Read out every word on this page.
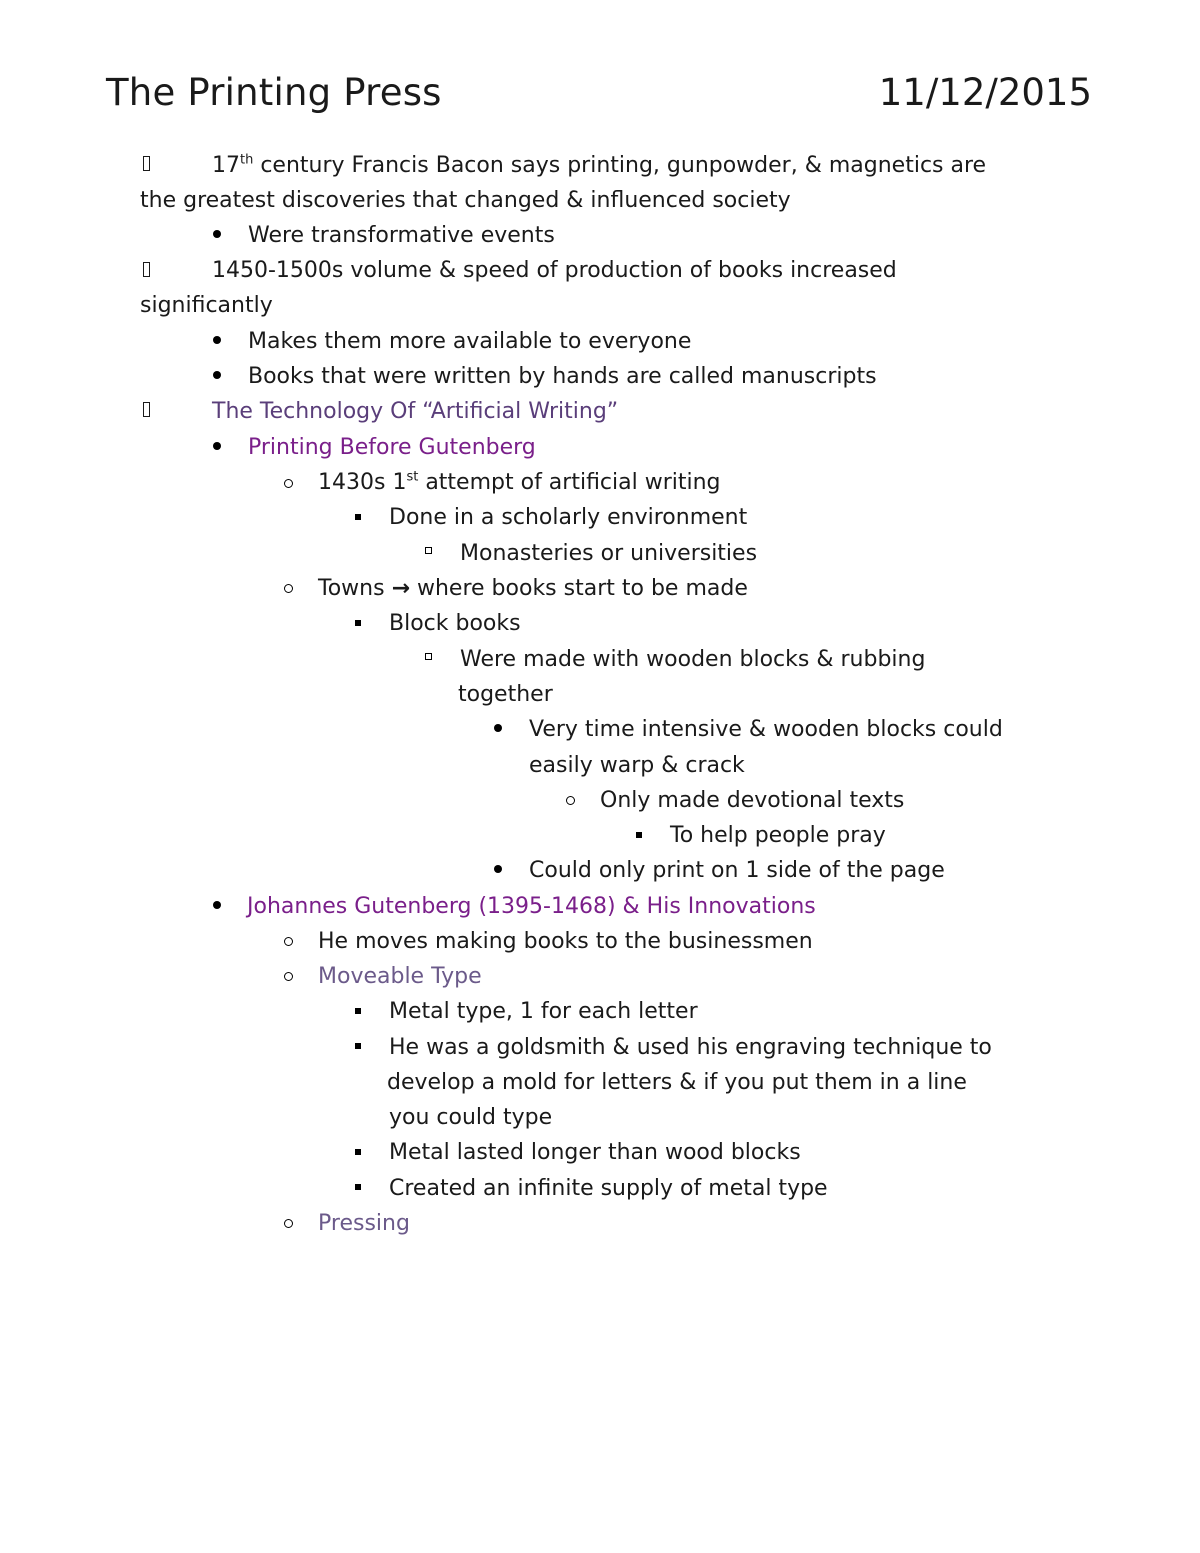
The Printing Press	11/12/2015
17th century Francis Bacon says printing, gunpowder, & magnetics are
the greatest discoveries that changed & influenced society
Were transformative events
1450-1500s volume & speed of production of books increased
significantly
Makes them more available to everyone
Books that were written by hands are called manuscripts
The Technology Of “Artificial Writing”
Printing Before Gutenberg
1430s 1st attempt of artificial writing
Done in a scholarly environment
Monasteries or universities
Towns → where books start to be made
Block books
Were made with wooden blocks & rubbing
together
Very time intensive & wooden blocks could
easily warp & crack
Only made devotional texts
To help people pray
Could only print on 1 side of the page
Johannes Gutenberg (1395-1468) & His Innovations
He moves making books to the businessmen
Moveable Type
Metal type, 1 for each letter
He was a goldsmith & used his engraving technique to
develop a mold for letters & if you put them in a line
you could type
Metal lasted longer than wood blocks
Created an infinite supply of metal type
Pressing
